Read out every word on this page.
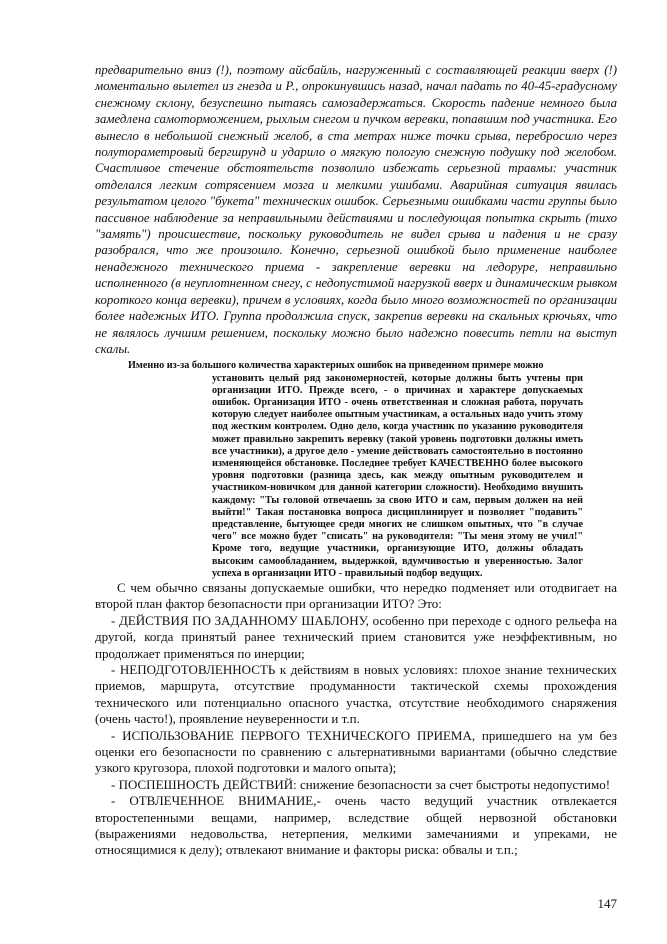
предварительно вниз (!), поэтому айсбайль, нагруженный с составляющей реакции вверх (!) моментально вылетел из гнезда и Р., опрокинувшись назад, начал падать по 40-45-градусному снежному склону, безуспешно пытаясь самозадержаться. Скорость падение немного была замедлена самоторможением, рыхлым снегом и пучком веревки, попавшим под участника. Его вынесло в небольшой снежный желоб, в ста метрах ниже точки срыва, переброcило через полуторaметровый бергшрунд и ударило о мягкую пологую снежную подушку под желобом. Счастливое стечение обстоятельств позволило избежать серьезной травмы: участник отделался легким сотрясением мозга и мелкими ушибами. Аварийная ситуация явилась результатом целого "букета" технических ошибок. Серьезными ошибками части группы было пассивное наблюдение за неправильными действиями и последующая попытка скрыть (тихо "замять") происшествие, поскольку руководитель не видел срыва и падения и не сразу разобрался, что же произошло. Конечно, серьезной ошибкой было применение наиболее ненадежного технического приема - закрепление веревки на ледоруре, неправильно исполненного (в неуплотненном снегу, с недопустимой нагрузкой вверх и динамическим рывком короткого конца веревки), причем в условиях, когда было много возможностей по организации более надежных ИТО. Группа продолжила спуск, закрепив веревки на скальных крючьях, что не являлось лучшим решением, поскольку можно было надежно повесить петли на выступ скалы.

Именно из-за большого количества характерных ошибок на приведенном примере можно
установить целый ряд закономерностей, которые должны быть учтены при организации ИТО. Прежде всего, - о причинах и характере допускаемых ошибок. Организация ИТО - очень ответственная и сложная работа, поручать которую следует наиболее опытным участникам, а остальных надо учить этому под жестким контролем. Одно дело, когда участник по указанию руководителя может правильно закрепить веревку (такой уровень подготовки должны иметь все участники), а другое дело - умение действовать самостоятельно в постоянно изменяющейся обстановке. Последнее требует КАЧЕСТВЕННО более высокого уровня подготовки (разница здесь, как между опытным руководителем и участником-новичком для данной категории сложности). Необходимо внушить каждому: "Ты головой отвечаешь за свою ИТО и сам, первым должен на ней выйти!" Такая постановка вопроса дисциплинирует и позволяет "подавить" представление, бытующее среди многих не слишком опытных, что "в случае чего" все можно будет "списать" на руководителя: "Ты меня этому не учил!" Кроме того, ведущие участники, организующие ИТО, должны обладать высоким самообладанием, выдержкой, вдумчивостью и уверенностью. Залог успеха в организации ИТО - правильный подбор ведущих.

С чем обычно связаны допускаемые ошибки, что нередко подменяет или отодвигает на второй план фактор безопасности при организации ИТО? Это:

- ДЕЙСТВИЯ ПО ЗАДАННОМУ ШАБЛОНУ, особенно при переходе с одного рельефа на другой, когда принятый ранее технический прием становится уже неэффективным, но продолжает применяться по инерции;

- НЕПОДГОТОВЛЕННОСТЬ к действиям в новых условиях: плохое знание технических приемов, маршрута, отсутствие продуманности тактической схемы прохождения технического или потенциально опасного участка, отсутствие необходимого снаряжения (очень часто!), проявление неуверенности и т.п.

- ИСПОЛЬЗОВАНИЕ ПЕРВОГО ТЕХНИЧЕСКОГО ПРИЕМА, пришедшего на ум без оценки его безопасности по сравнению с альтернативными вариантами (обычно следствие узкого кругозора, плохой подготовки и малого опыта);

- ПОСПЕШНОСТЬ ДЕЙСТВИЙ: снижение безопасности за счет быстроты недопустимо!

- ОТВЛЕЧЕННОЕ ВНИМАНИЕ,- очень часто ведущий участник отвлекается второстепенными вещами, например, вследствие общей нервозной обстановки (выражениями недовольства, нетерпения, мелкими замечаниями и упреками, не относящимися к делу); отвлекают внимание и факторы риска: обвалы и т.п.;

147
